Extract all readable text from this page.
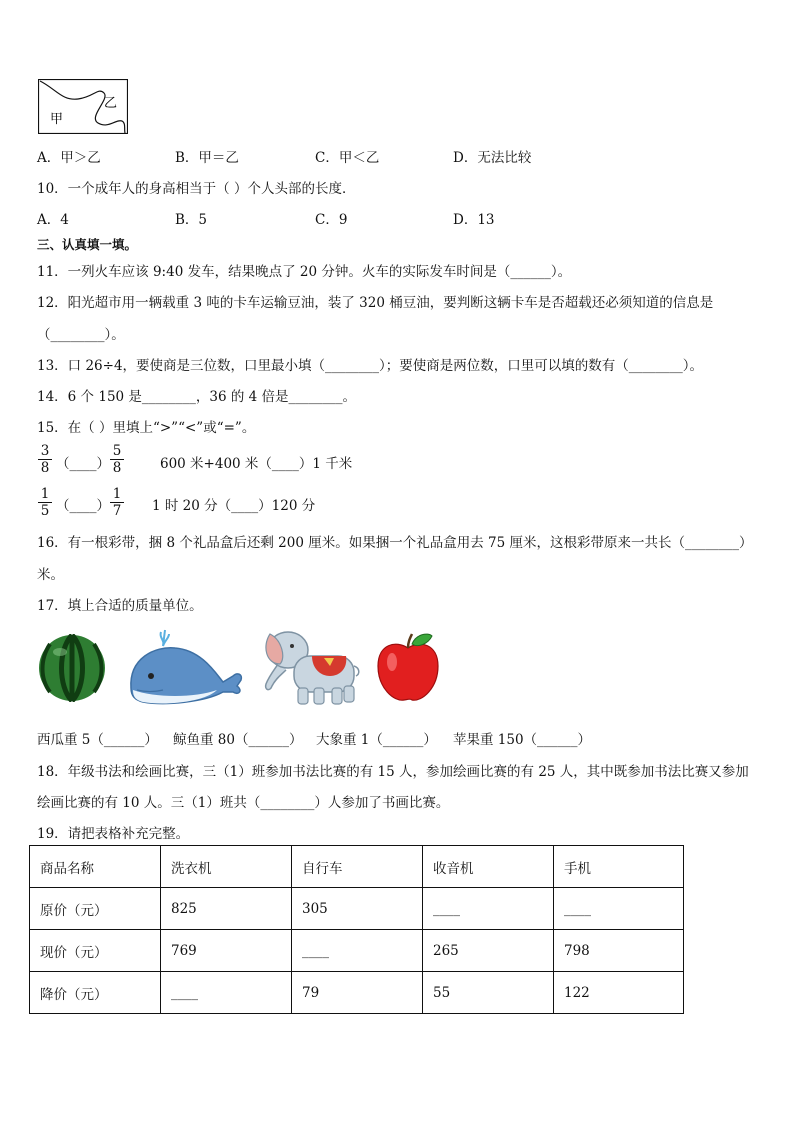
甲
乙
A．甲＞乙	B．甲＝乙	C．甲＜乙	D．无法比较
10．一个成年人的身高相当于（ ）个人头部的长度．
A．4	B．5	C．9	D．13
三、认真填一填。
11．一列火车应该 9:40 发车，结果晚点了 20 分钟。火车的实际发车时间是（______）。
12．阳光超市用一辆载重 3 吨的卡车运输豆油，装了 320 桶豆油，要判断这辆卡车是否超载还必须知道的信息是
（________）。
13．口 26÷4，要使商是三位数，口里最小填（________）；要使商是两位数，口里可以填的数有（________）。
14．6 个 150 是________，36 的 4 倍是________。
15．在（ ）里填上“>”“<”或“=”。
$\frac{3}{8}$ （____） $\frac{5}{8}$	600 米+400 米（____）1 千米
$\frac{1}{5}$ （____） $\frac{1}{7} 1$ 时 20 分（____）120 分
16．有一根彩带，捆 8 个礼品盒后还剩 200 厘米。如果捆一个礼品盒用去 75 厘米，这根彩带原来一共长（________）
米。
17．填上合适的质量单位。
西瓜重 5（______） 鲸鱼重 80（______） 大象重 1（______） 苹果重 150（______）
18．年级书法和绘画比赛，三（1）班参加书法比赛的有 15 人，参加绘画比赛的有 25 人，其中既参加书法比赛又参加
绘画比赛的有 10 人。三（1）班共（________）人参加了书画比赛。
19．请把表格补充完整。
商品名称	洗衣机	自行车	收音机	手机
原价（元）	825	305	____	____
现价（元）	769	____	265	798
降价（元）	____	79	55	122
